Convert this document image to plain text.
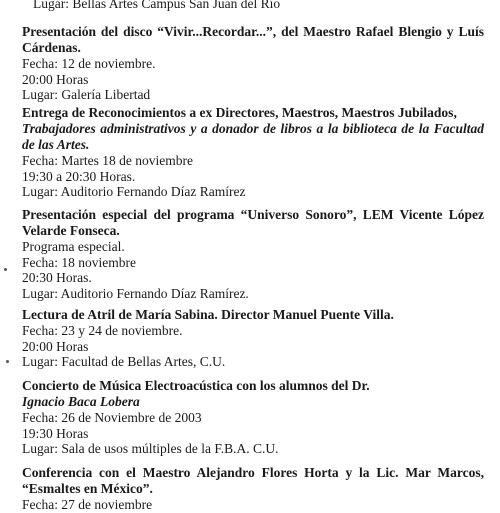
Lugar: Bellas Artes Campus San Juan del Río

Presentación del disco “Vivir...Recordar...”, del Maestro Rafael Blengio y Luís Cárdenas.

Fecha: 12 de noviembre.

20:00 Horas

Lugar: Galería Libertad

Entrega de Reconocimientos a ex Directores, Maestros, Maestros Jubilados,

Trabajadores administrativos y a donador de libros a la biblioteca de la Facultad de las Artes.

Fecha: Martes 18 de noviembre

19:30 a 20:30 Horas.

Lugar: Auditorio Fernando Díaz Ramírez

Presentación especial del programa “Universo Sonoro”, LEM Vicente López Velarde Fonseca.

Programa especial.

Fecha: 18 noviembre

20:30 Horas.

Lugar: Auditorio Fernando Díaz Ramírez.

Lectura de Atril de María Sabina. Director Manuel Puente Villa.

Fecha: 23 y 24 de noviembre.

20:00 Horas

Lugar: Facultad de Bellas Artes, C.U.

Concierto de Música Electroacústica con los alumnos del Dr.

Ignacio Baca Lobera

Fecha: 26 de Noviembre de 2003

19:30 Horas

Lugar: Sala de usos múltiples de la F.B.A. C.U.

Conferencia con el Maestro Alejandro Flores Horta y la Lic. Mar Marcos, “Esmaltes en México”.

Fecha: 27 de noviembre
